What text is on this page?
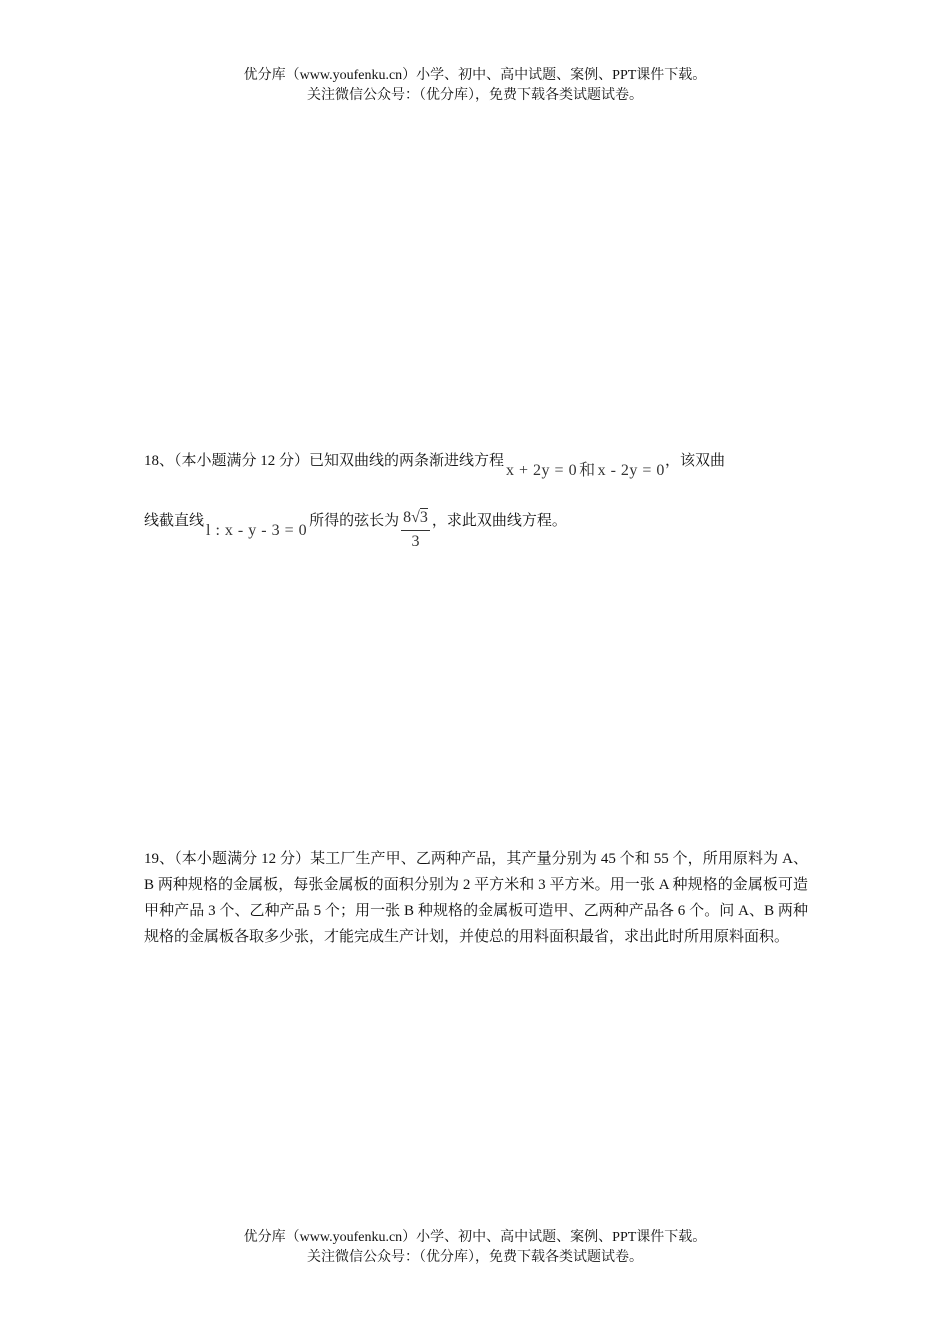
优分库（www.youfenku.cn）小学、初中、高中试题、案例、PPT课件下载。
关注微信公众号：（优分库），免费下载各类试题试卷。
18、（本小题满分 12 分）已知双曲线的两条渐进线方程x + 2y = 0 和 x - 2y = 0，该双曲
线截直线l : x - y - 3 = 0所得的弦长为 $\frac{8√3}{3}$ ，求此双曲线方程。
19、（本小题满分 12 分）某工厂生产甲、乙两种产品，其产量分别为 45 个和 55 个，所用原料为 A、B 两种规格的金属板，每张金属板的面积分别为 2 平方米和 3 平方米。用一张 A 种规格的金属板可造甲种产品 3 个、乙种产品 5 个；用一张 B 种规格的金属板可造甲、乙两种产品各 6 个。问 A、B 两种规格的金属板各取多少张，才能完成生产计划，并使总的用料面积最省，求出此时所用原料面积。
优分库（www.youfenku.cn）小学、初中、高中试题、案例、PPT课件下载。
关注微信公众号：（优分库），免费下载各类试题试卷。
